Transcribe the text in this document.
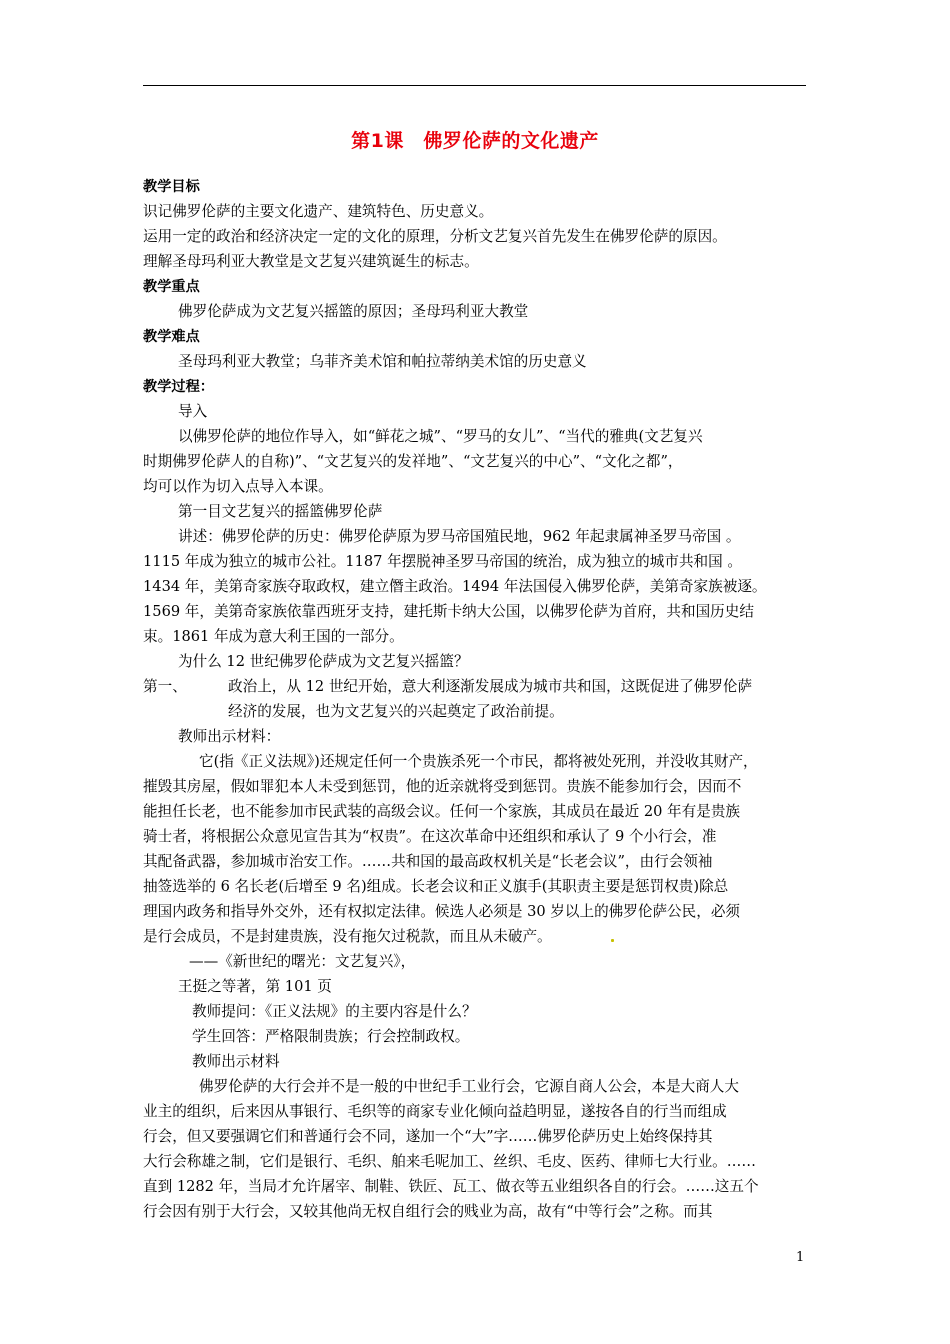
第1课　佛罗伦萨的文化遗产
教学目标
识记佛罗伦萨的主要文化遗产、建筑特色、历史意义。
运用一定的政治和经济决定一定的文化的原理，分析文艺复兴首先发生在佛罗伦萨的原因。
理解圣母玛利亚大教堂是文艺复兴建筑诞生的标志。
教学重点
佛罗伦萨成为文艺复兴摇篮的原因；圣母玛利亚大教堂
教学难点
圣母玛利亚大教堂；乌菲齐美术馆和帕拉蒂纳美术馆的历史意义
教学过程：
导入
以佛罗伦萨的地位作导入，如“鲜花之城”、“罗马的女儿”、“当代的雅典(文艺复兴
时期佛罗伦萨人的自称)”、“文艺复兴的发祥地”、“文艺复兴的中心”、“文化之都”，
均可以作为切入点导入本课。
第一目文艺复兴的摇篮佛罗伦萨
讲述：佛罗伦萨的历史：佛罗伦萨原为罗马帝国殖民地，962 年起隶属神圣罗马帝国 。
1115 年成为独立的城市公社。1187 年摆脱神圣罗马帝国的统治，成为独立的城市共和国 。
1434 年，美第奇家族夺取政权，建立僭主政治。1494 年法国侵入佛罗伦萨，美第奇家族被逐。
1569 年，美第奇家族依靠西班牙支持，建托斯卡纳大公国，以佛罗伦萨为首府，共和国历史结
束。1861 年成为意大利王国的一部分。
为什么 12 世纪佛罗伦萨成为文艺复兴摇篮？
第一、	政治上，从 12 世纪开始，意大利逐渐发展成为城市共和国，这既促进了佛罗伦萨
经济的发展，也为文艺复兴的兴起奠定了政治前提。
教师出示材料：
它(指《正义法规》)还规定任何一个贵族杀死一个市民，都将被处死刑，并没收其财产，
摧毁其房屋，假如罪犯本人未受到惩罚，他的近亲就将受到惩罚。贵族不能参加行会，因而不
能担任长老，也不能参加市民武装的高级会议。任何一个家族，其成员在最近 20 年有是贵族
骑士者，将根据公众意见宣告其为“权贵”。在这次革命中还组织和承认了 9 个小行会，准
其配备武器，参加城市治安工作。……共和国的最高政权机关是“长老会议”，由行会领袖
抽签选举的 6 名长老(后增至 9 名)组成。长老会议和正义旗手(其职责主要是惩罚权贵)除总
理国内政务和指导外交外，还有权拟定法律。候选人必须是 30 岁以上的佛罗伦萨公民，必须
是行会成员，不是封建贵族，没有拖欠过税款，而且从未破产。
——《新世纪的曙光：文艺复兴》，
王挺之等著，第 101 页
教师提问：《正义法规》的主要内容是什么？
学生回答：严格限制贵族；行会控制政权。
教师出示材料
佛罗伦萨的大行会并不是一般的中世纪手工业行会，它源自商人公会，本是大商人大
业主的组织，后来因从事银行、毛织等的商家专业化倾向益趋明显，遂按各自的行当而组成
行会，但又要强调它们和普通行会不同，遂加一个“大”字……佛罗伦萨历史上始终保持其
大行会称雄之制，它们是银行、毛织、舶来毛呢加工、丝织、毛皮、医药、律师七大行业。……
直到 1282 年，当局才允许屠宰、制鞋、铁匠、瓦工、做衣等五业组织各自的行会。……这五个
行会因有别于大行会，又较其他尚无权自组行会的贱业为高，故有“中等行会”之称。而其
1
